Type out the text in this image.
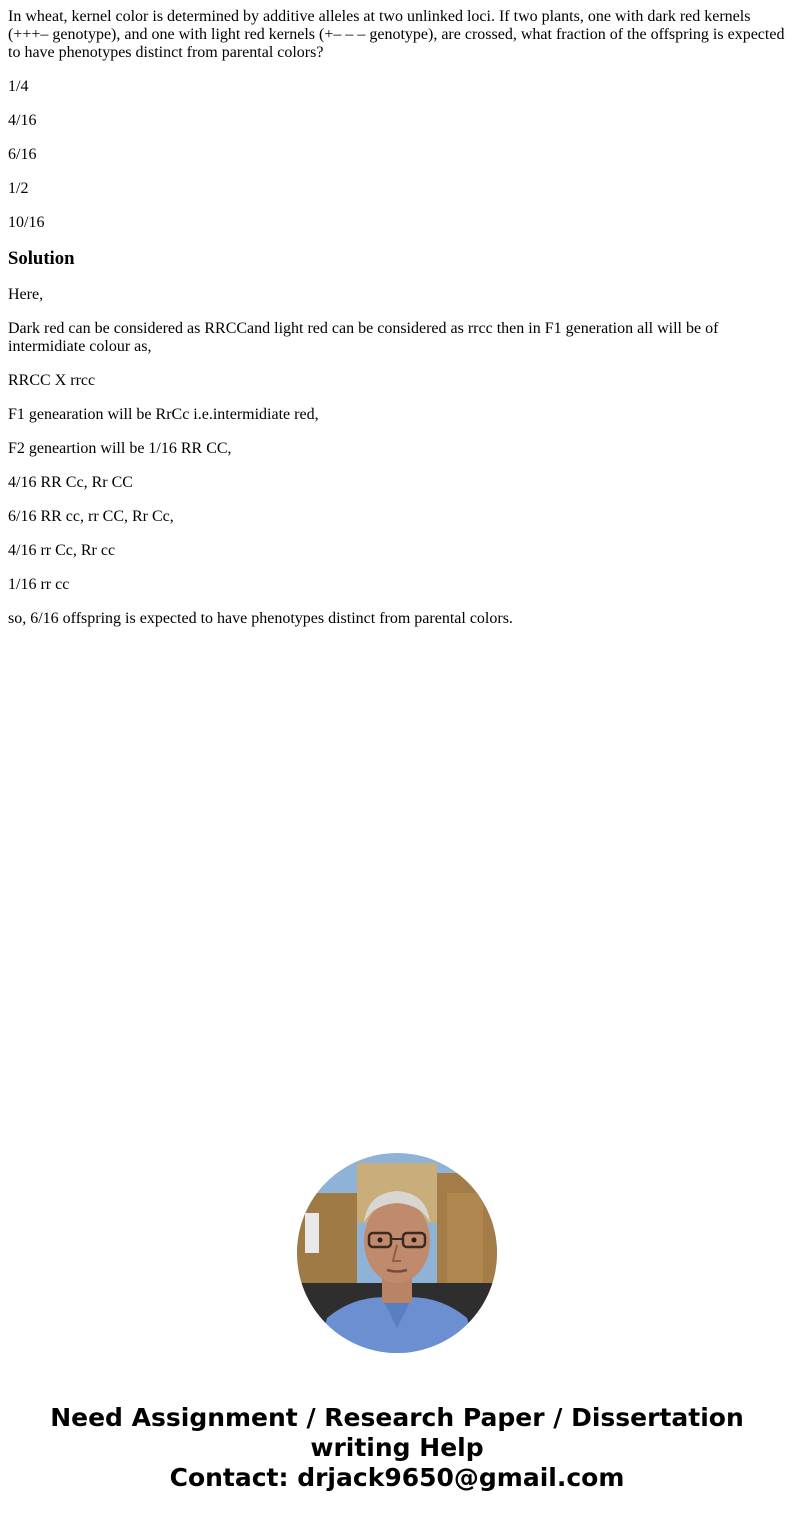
In wheat, kernel color is determined by additive alleles at two unlinked loci. If two plants, one with dark red kernels (+++– genotype), and one with light red kernels (+– – – genotype), are crossed, what fraction of the offspring is expected to have phenotypes distinct from parental colors?

1/4

4/16

6/16

1/2

10/16

Solution

Here,

Dark red can be considered as RRCCand light red can be considered as rrcc then in F1 generation all will be of intermidiate colour as,

RRCC X rrcc

F1 genearation will be RrCc i.e.intermidiate red,

F2 geneartion will be 1/16 RR CC,

4/16 RR Cc, Rr CC

6/16 RR cc, rr CC, Rr Cc,

4/16 rr Cc, Rr cc

1/16 rr cc

so, 6/16 offspring is expected to have phenotypes distinct from parental colors.

Need Assignment / Research Paper / Dissertation
writing Help
Contact: drjack9650@gmail.com
